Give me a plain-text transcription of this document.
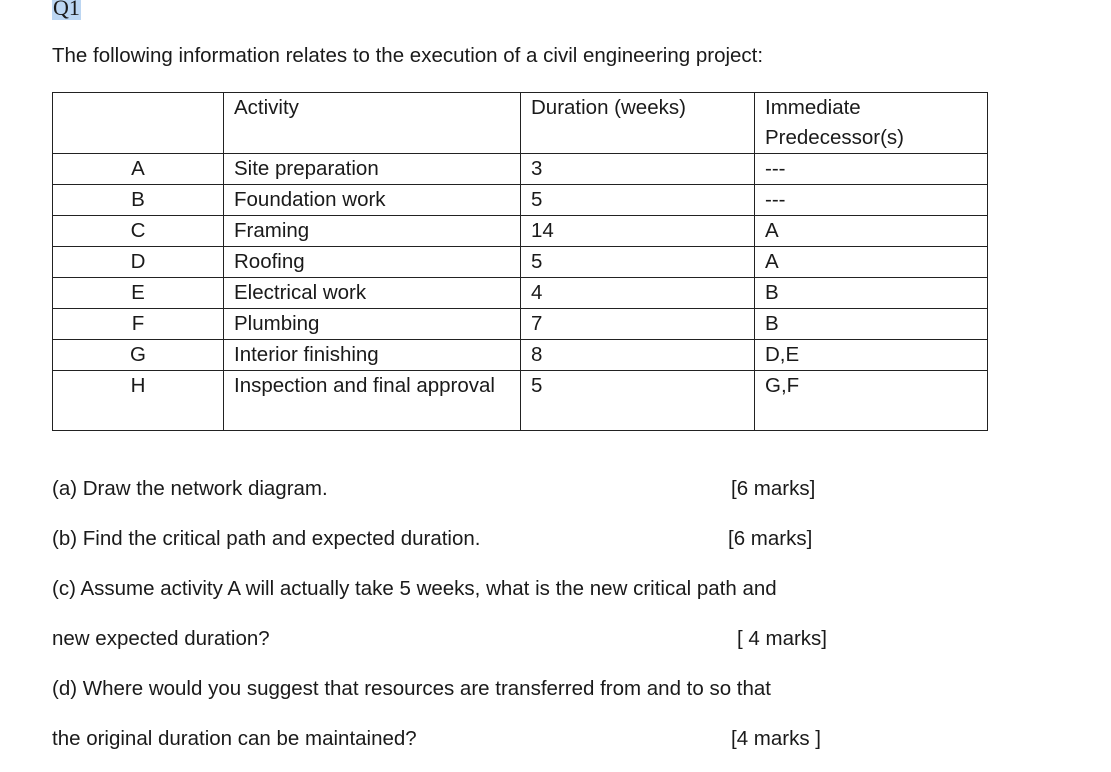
Q1
The following information relates to the execution of a civil engineering project:
	Activity	Duration (weeks)	Immediate Predecessor(s)
A	Site preparation	3	---
B	Foundation work	5	---
C	Framing	14	A
D	Roofing	5	A
E	Electrical work	4	B
F	Plumbing	7	B
G	Interior finishing	8	D,E
H	Inspection and final approval	5	G,F
(a) Draw the network diagram.	[6 marks]
(b) Find the critical path and expected duration.	[6 marks]
(c) Assume activity A will actually take 5 weeks, what is the new critical path and
new expected duration?	[ 4 marks]
(d) Where would you suggest that resources are transferred from and to so that
the original duration can be maintained?	[4 marks ]
